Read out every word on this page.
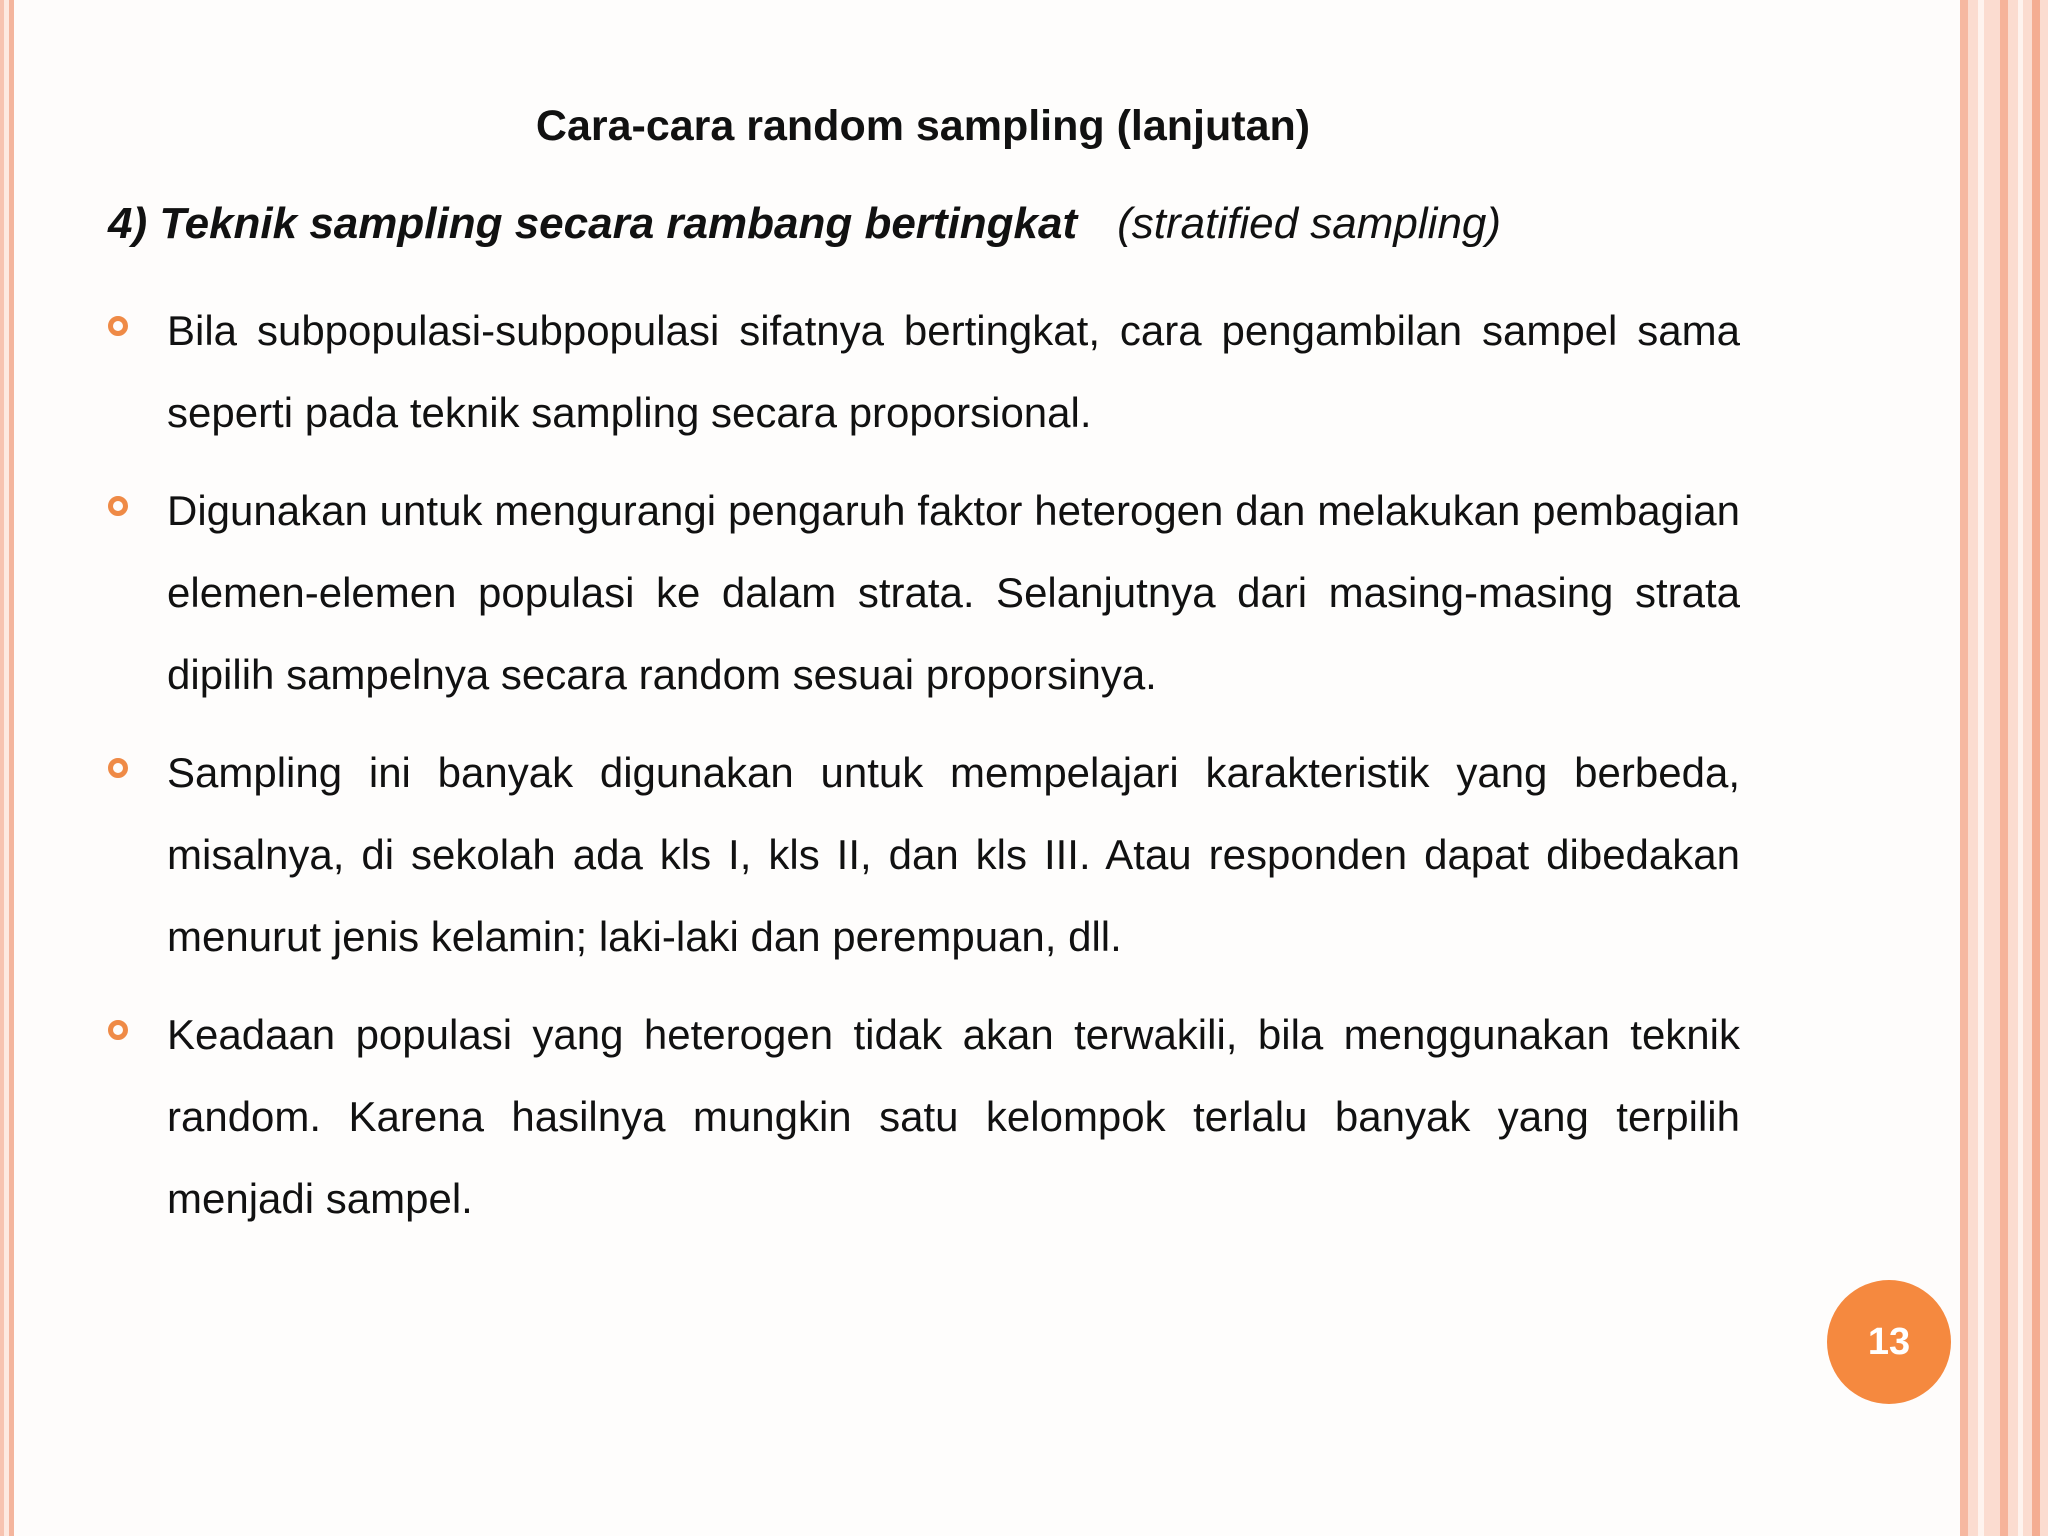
Cara-cara random sampling (lanjutan)

4) Teknik sampling secara rambang bertingkat (stratified sampling)

Bila subpopulasi-subpopulasi sifatnya bertingkat, cara pengambilan sampel sama seperti pada teknik sampling secara proporsional.
Digunakan untuk mengurangi pengaruh faktor heterogen dan melakukan pembagian elemen-elemen populasi ke dalam strata. Selanjutnya dari masing-masing strata dipilih sampelnya secara random sesuai proporsinya.
Sampling ini banyak digunakan untuk mempelajari karakteristik yang berbeda, misalnya, di sekolah ada kls I, kls II, dan kls III. Atau responden dapat dibedakan menurut jenis kelamin; laki-laki dan perempuan, dll.
Keadaan populasi yang heterogen tidak akan terwakili, bila menggunakan teknik random. Karena hasilnya mungkin satu kelompok terlalu banyak yang terpilih menjadi sampel.
13
